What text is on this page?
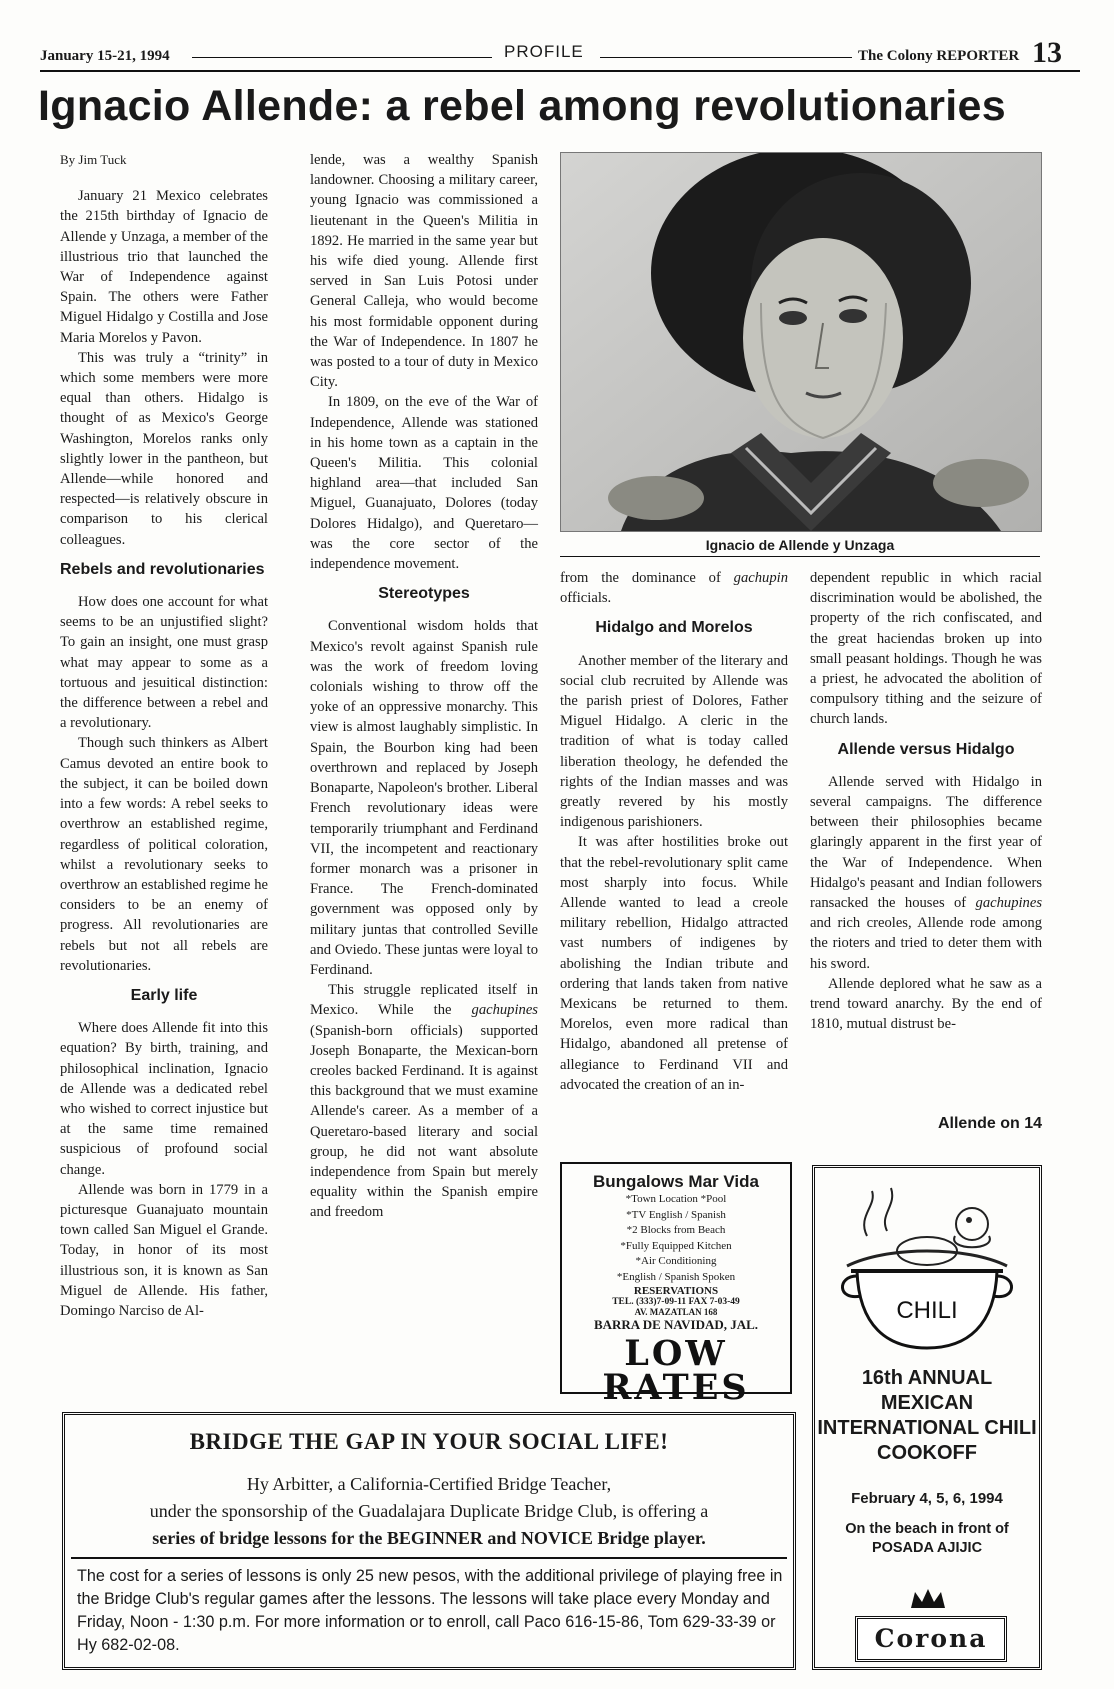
January 15-21, 1994	PROFILE	The Colony REPORTER 13
Ignacio Allende: a rebel among revolutionaries

By Jim Tuck

January 21 Mexico celebrates the 215th birthday of Ignacio de Allende y Unzaga, a member of the illustrious trio that launched the War of Independence against Spain. The others were Father Miguel Hidalgo y Costilla and Jose Maria Morelos y Pavon.

This was truly a “trinity” in which some members were more equal than others. Hidalgo is thought of as Mexico's George Washington, Morelos ranks only slightly lower in the pantheon, but Allende—while honored and respected—is relatively obscure in comparison to his clerical colleagues.

Rebels and revolutionaries

How does one account for what seems to be an unjustified slight? To gain an insight, one must grasp what may appear to some as a tortuous and jesuitical distinction: the difference between a rebel and a revolutionary.

Though such thinkers as Albert Camus devoted an entire book to the subject, it can be boiled down into a few words: A rebel seeks to overthrow an established regime, regardless of political coloration, whilst a revolutionary seeks to overthrow an established regime he considers to be an enemy of progress. All revolutionaries are rebels but not all rebels are revolutionaries.

Early life

Where does Allende fit into this equation? By birth, training, and philosophical inclination, Ignacio de Allende was a dedicated rebel who wished to correct injustice but at the same time remained suspicious of profound social change.

Allende was born in 1779 in a picturesque Guanajuato mountain town called San Miguel el Grande. Today, in honor of its most illustrious son, it is known as San Miguel de Allende. His father, Domingo Narciso de Al-

lende, was a wealthy Spanish landowner. Choosing a military career, young Ignacio was commissioned a lieutenant in the Queen's Militia in 1892. He married in the same year but his wife died young. Allende first served in San Luis Potosi under General Calleja, who would become his most formidable opponent during the War of Independence. In 1807 he was posted to a tour of duty in Mexico City.

In 1809, on the eve of the War of Independence, Allende was stationed in his home town as a captain in the Queen's Militia. This colonial highland area—that included San Miguel, Guanajuato, Dolores (today Dolores Hidalgo), and Queretaro—was the core sector of the independence movement.

Stereotypes

Conventional wisdom holds that Mexico's revolt against Spanish rule was the work of freedom loving colonials wishing to throw off the yoke of an oppressive monarchy. This view is almost laughably simplistic. In Spain, the Bourbon king had been overthrown and replaced by Joseph Bonaparte, Napoleon's brother. Liberal French revolutionary ideas were temporarily triumphant and Ferdinand VII, the incompetent and reactionary former monarch was a prisoner in France. The French-dominated government was opposed only by military juntas that controlled Seville and Oviedo. These juntas were loyal to Ferdinand.

This struggle replicated itself in Mexico. While the gachupines (Spanish-born officials) supported Joseph Bonaparte, the Mexican-born creoles backed Ferdinand. It is against this background that we must examine Allende's career. As a member of a Queretaro-based literary and social group, he did not want absolute independence from Spain but merely equality within the Spanish empire and freedom

Ignacio de Allende y Unzaga

from the dominance of gachupin officials.

Hidalgo and Morelos

Another member of the literary and social club recruited by Allende was the parish priest of Dolores, Father Miguel Hidalgo. A cleric in the tradition of what is today called liberation theology, he defended the rights of the Indian masses and was greatly revered by his mostly indigenous parishioners.

It was after hostilities broke out that the rebel-revolutionary split came most sharply into focus. While Allende wanted to lead a creole military rebellion, Hidalgo attracted vast numbers of indigenes by abolishing the Indian tribute and ordering that lands taken from native Mexicans be returned to them. Morelos, even more radical than Hidalgo, abandoned all pretense of allegiance to Ferdinand VII and advocated the creation of an in-

dependent republic in which racial discrimination would be abolished, the property of the rich confiscated, and the great haciendas broken up into small peasant holdings. Though he was a priest, he advocated the abolition of compulsory tithing and the seizure of church lands.

Allende versus Hidalgo

Allende served with Hidalgo in several campaigns. The difference between their philosophies became glaringly apparent in the first year of the War of Independence. When Hidalgo's peasant and Indian followers ransacked the houses of gachupines and rich creoles, Allende rode among the rioters and tried to deter them with his sword.

Allende deplored what he saw as a trend toward anarchy. By the end of 1810, mutual distrust be-

Allende on 14
Bungalows Mar Vida
*Town Location *Pool
*TV English / Spanish
*2 Blocks from Beach
*Fully Equipped Kitchen
*Air Conditioning
*English / Spanish Spoken
RESERVATIONS
TEL. (333)7-09-11 FAX 7-03-49
AV. MAZATLAN 168
BARRA DE NAVIDAD, JAL.
LOW RATES
CHILI
16th ANNUAL MEXICAN INTERNATIONAL CHILI COOKOFF
February 4, 5, 6, 1994
On the beach in front of POSADA AJIJIC
Corona
BRIDGE THE GAP IN YOUR SOCIAL LIFE!
Hy Arbitter, a California-Certified Bridge Teacher,
under the sponsorship of the Guadalajara Duplicate Bridge Club, is offering a
series of bridge lessons for the BEGINNER and NOVICE Bridge player.
The cost for a series of lessons is only 25 new pesos, with the additional privilege of playing free in the Bridge Club's regular games after the lessons. The lessons will take place every Monday and Friday, Noon - 1:30 p.m. For more information or to enroll, call Paco 616-15-86, Tom 629-33-39 or Hy 682-02-08.
